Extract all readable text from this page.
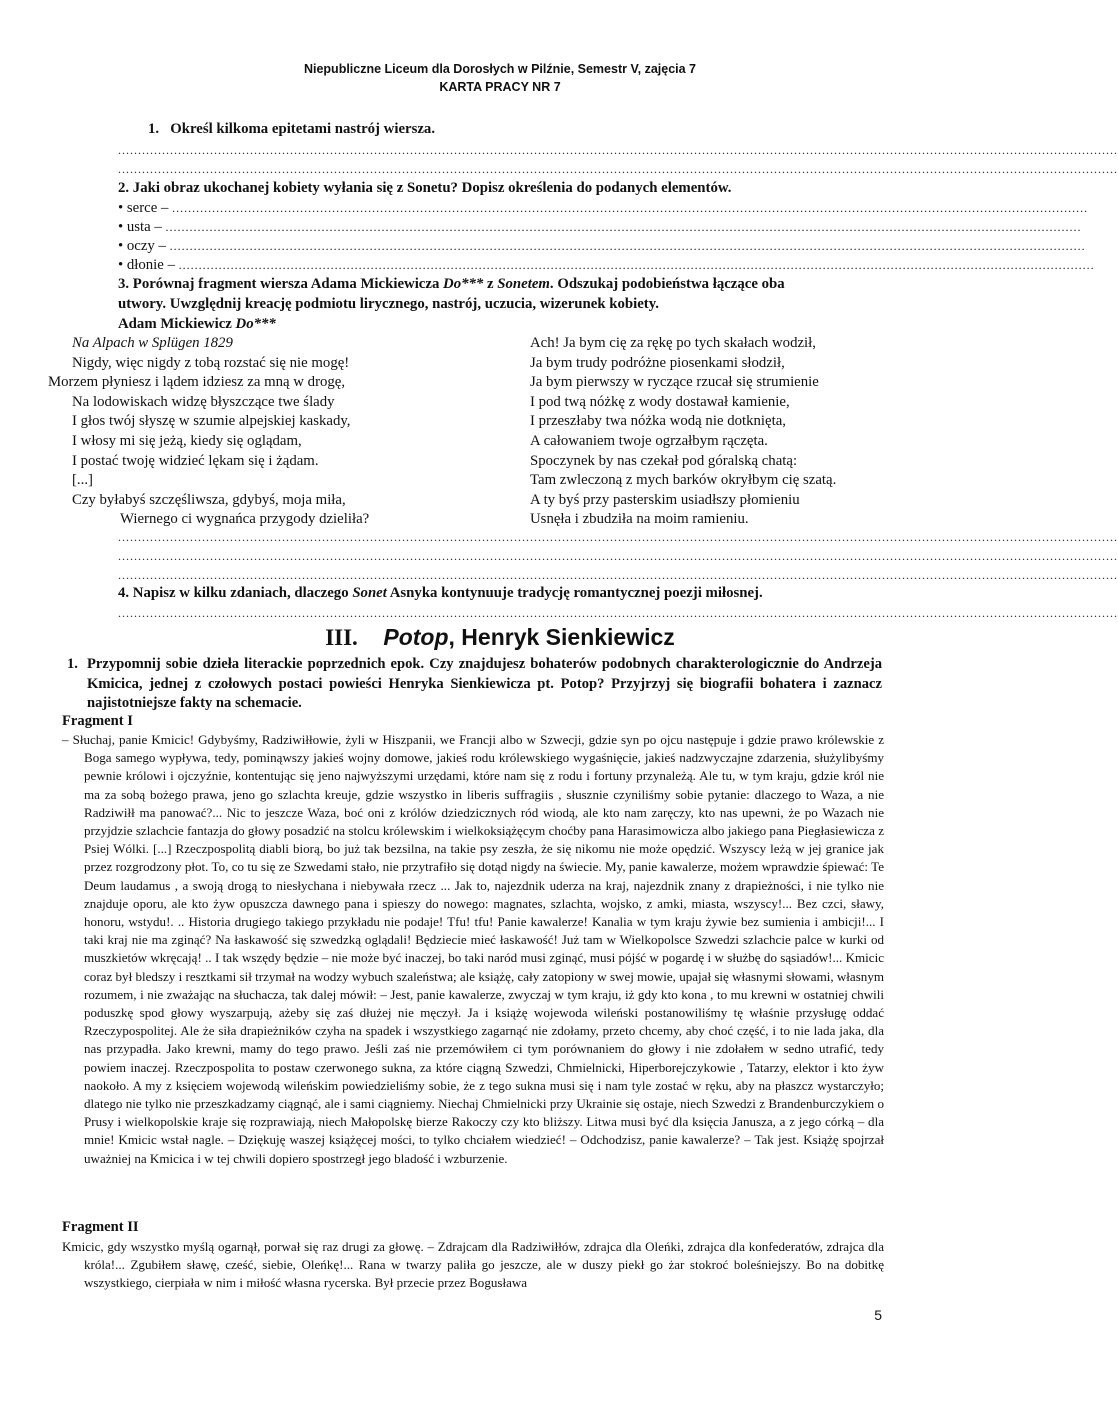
Niepubliczne Liceum dla Dorosłych w Pilźnie, Semestr V, zajęcia 7
KARTA PRACY NR 7
1. Określ kilkoma epitetami nastrój wiersza.
..........................................................................................................................................................................................................................................................
..........................................................................................................................................................................................................................................................
2. Jaki obraz ukochanej kobiety wyłania się z Sonetu? Dopisz określenia do podanych elementów.
• serce – .....................................................................................................................................................................................................................................
• usta – .....................................................................................................................................................................................................................................
• oczy – .....................................................................................................................................................................................................................................
• dłonie – .....................................................................................................................................................................................................................................
3. Porównaj fragment wiersza Adama Mickiewicza Do*** z Sonetem. Odszukaj podobieństwa łączące oba
utwory. Uwzględnij kreację podmiotu lirycznego, nastrój, uczucia, wizerunek kobiety.
Adam Mickiewicz Do***
Na Alpach w Splügen 1829
Nigdy, więc nigdy z tobą rozstać się nie mogę!
Morzem płyniesz i lądem idziesz za mną w drogę,
Na lodowiskach widzę błyszczące twe ślady
I głos twój słyszę w szumie alpejskiej kaskady,
I włosy mi się jeżą, kiedy się oglądam,
I postać twoję widzieć lękam się i żądam.
[...]
Czy byłabyś szczęśliwsza, gdybyś, moja miła,
Wiernego ci wygnańca przygody dzieliła?
Ach! Ja bym cię za rękę po tych skałach wodził,
Ja bym trudy podróżne piosenkami słodził,
Ja bym pierwszy w ryczące rzucał się strumienie
I pod twą nóżkę z wody dostawał kamienie,
I przeszłaby twa nóżka wodą nie dotknięta,
A całowaniem twoje ogrzałbym rączęta.
Spoczynek by nas czekał pod góralską chatą:
Tam zwleczoną z mych barków okryłbym cię szatą.
A ty byś przy pasterskim usiadłszy płomieniu
Usnęła i zbudziła na moim ramieniu.
..........................................................................................................................................................................................................................................................
..........................................................................................................................................................................................................................................................
..........................................................................................................................................................................................................................................................
4. Napisz w kilku zdaniach, dlaczego Sonet Asnyka kontynuuje tradycję romantycznej poezji miłosnej.
..........................................................................................................................................................................................................................................................
III. Potop, Henryk Sienkiewicz
1. Przypomnij sobie dzieła literackie poprzednich epok. Czy znajdujesz bohaterów podobnych charakterologicznie do Andrzeja Kmicica, jednej z czołowych postaci powieści Henryka Sienkiewicza pt. Potop? Przyjrzyj się biografii bohatera i zaznacz najistotniejsze fakty na schemacie.
Fragment I

– Słuchaj, panie Kmicic! Gdybyśmy, Radziwiłłowie, żyli w Hiszpanii, we Francji albo w Szwecji, gdzie syn po ojcu następuje i gdzie prawo królewskie z Boga samego wypływa, tedy, pominąwszy jakieś wojny domowe, jakieś rodu królewskiego wygaśnięcie, jakieś nadzwyczajne zdarzenia, służylibyśmy pewnie królowi i ojczyźnie, kontentując się jeno najwyższymi urzędami, które nam się z rodu i fortuny przynależą. Ale tu, w tym kraju, gdzie król nie ma za sobą bożego prawa, jeno go szlachta kreuje, gdzie wszystko in liberis suffragiis , słusznie czyniliśmy sobie pytanie: dlaczego to Waza, a nie Radziwiłł ma panować?... Nic to jeszcze Waza, boć oni z królów dziedzicznych ród wiodą, ale kto nam zaręczy, kto nas upewni, że po Wazach nie przyjdzie szlachcie fantazja do głowy posadzić na stolcu królewskim i wielkoksiążęcym choćby pana Harasimowicza albo jakiego pana Piegłasiewicza z Psiej Wólki. [...] Rzeczpospolitą diabli biorą, bo już tak bezsilna, na takie psy zeszła, że się nikomu nie może opędzić. Wszyscy leżą w jej granice jak przez rozgrodzony płot. To, co tu się ze Szwedami stało, nie przytrafiło się dotąd nigdy na świecie. My, panie kawalerze, możem wprawdzie śpiewać: Te Deum laudamus , a swoją drogą to niesłychana i niebywała rzecz ... Jak to, najezdnik uderza na kraj, najezdnik znany z drapieżności, i nie tylko nie znajduje oporu, ale kto żyw opuszcza dawnego pana i spieszy do nowego: magnates, szlachta, wojsko, z amki, miasta, wszyscy!... Bez czci, sławy, honoru, wstydu!. .. Historia drugiego takiego przykładu nie podaje! Tfu! tfu! Panie kawalerze! Kanalia w tym kraju żywie bez sumienia i ambicji!... I taki kraj nie ma zginąć? Na łaskawość się szwedzką oglądali! Będziecie mieć łaskawość! Już tam w Wielkopolsce Szwedzi szlachcie palce w kurki od muszkietów wkręcają! .. I tak wszędy będzie – nie może być inaczej, bo taki naród musi zginąć, musi pójść w pogardę i w służbę do sąsiadów!... Kmicic coraz był bledszy i resztkami sił trzymał na wodzy wybuch szaleństwa; ale książę, cały zatopiony w swej mowie, upajał się własnymi słowami, własnym rozumem, i nie zważając na słuchacza, tak dalej mówił: – Jest, panie kawalerze, zwyczaj w tym kraju, iż gdy kto kona , to mu krewni w ostatniej chwili poduszkę spod głowy wyszarpują, ażeby się zaś dłużej nie męczył. Ja i książę wojewoda wileński postanowiliśmy tę właśnie przysługę oddać Rzeczypospolitej. Ale że siła drapieżników czyha na spadek i wszystkiego zagarnąć nie zdołamy, przeto chcemy, aby choć część, i to nie lada jaka, dla nas przypadła. Jako krewni, mamy do tego prawo. Jeśli zaś nie przemówiłem ci tym porównaniem do głowy i nie zdołałem w sedno utrafić, tedy powiem inaczej. Rzeczpospolita to postaw czerwonego sukna, za które ciągną Szwedzi, Chmielnicki, Hiperborejczykowie , Tatarzy, elektor i kto żyw naokoło. A my z księciem wojewodą wileńskim powiedzieliśmy sobie, że z tego sukna musi się i nam tyle zostać w ręku, aby na płaszcz wystarczyło; dlatego nie tylko nie przeszkadzamy ciągnąć, ale i sami ciągniemy. Niechaj Chmielnicki przy Ukrainie się ostaje, niech Szwedzi z Brandenburczykiem o Prusy i wielkopolskie kraje się rozprawiają, niech Małopolskę bierze Rakoczy czy kto bliższy. Litwa musi być dla księcia Janusza, a z jego córką – dla mnie! Kmicic wstał nagle. – Dziękuję waszej książęcej mości, to tylko chciałem wiedzieć! – Odchodzisz, panie kawalerze? – Tak jest. Książę spojrzał uważniej na Kmicica i w tej chwili dopiero spostrzegł jego bladość i wzburzenie.

Fragment II

Kmicic, gdy wszystko myślą ogarnął, porwał się raz drugi za głowę. – Zdrajcam dla Radziwiłłów, zdrajca dla Oleńki, zdrajca dla konfederatów, zdrajca dla króla!... Zgubiłem sławę, cześć, siebie, Oleńkę!... Rana w twarzy paliła go jeszcze, ale w duszy piekł go żar stokroć boleśniejszy. Bo na dobitkę wszystkiego, cierpiała w nim i miłość własna rycerska. Był przecie przez Bogusława

5
